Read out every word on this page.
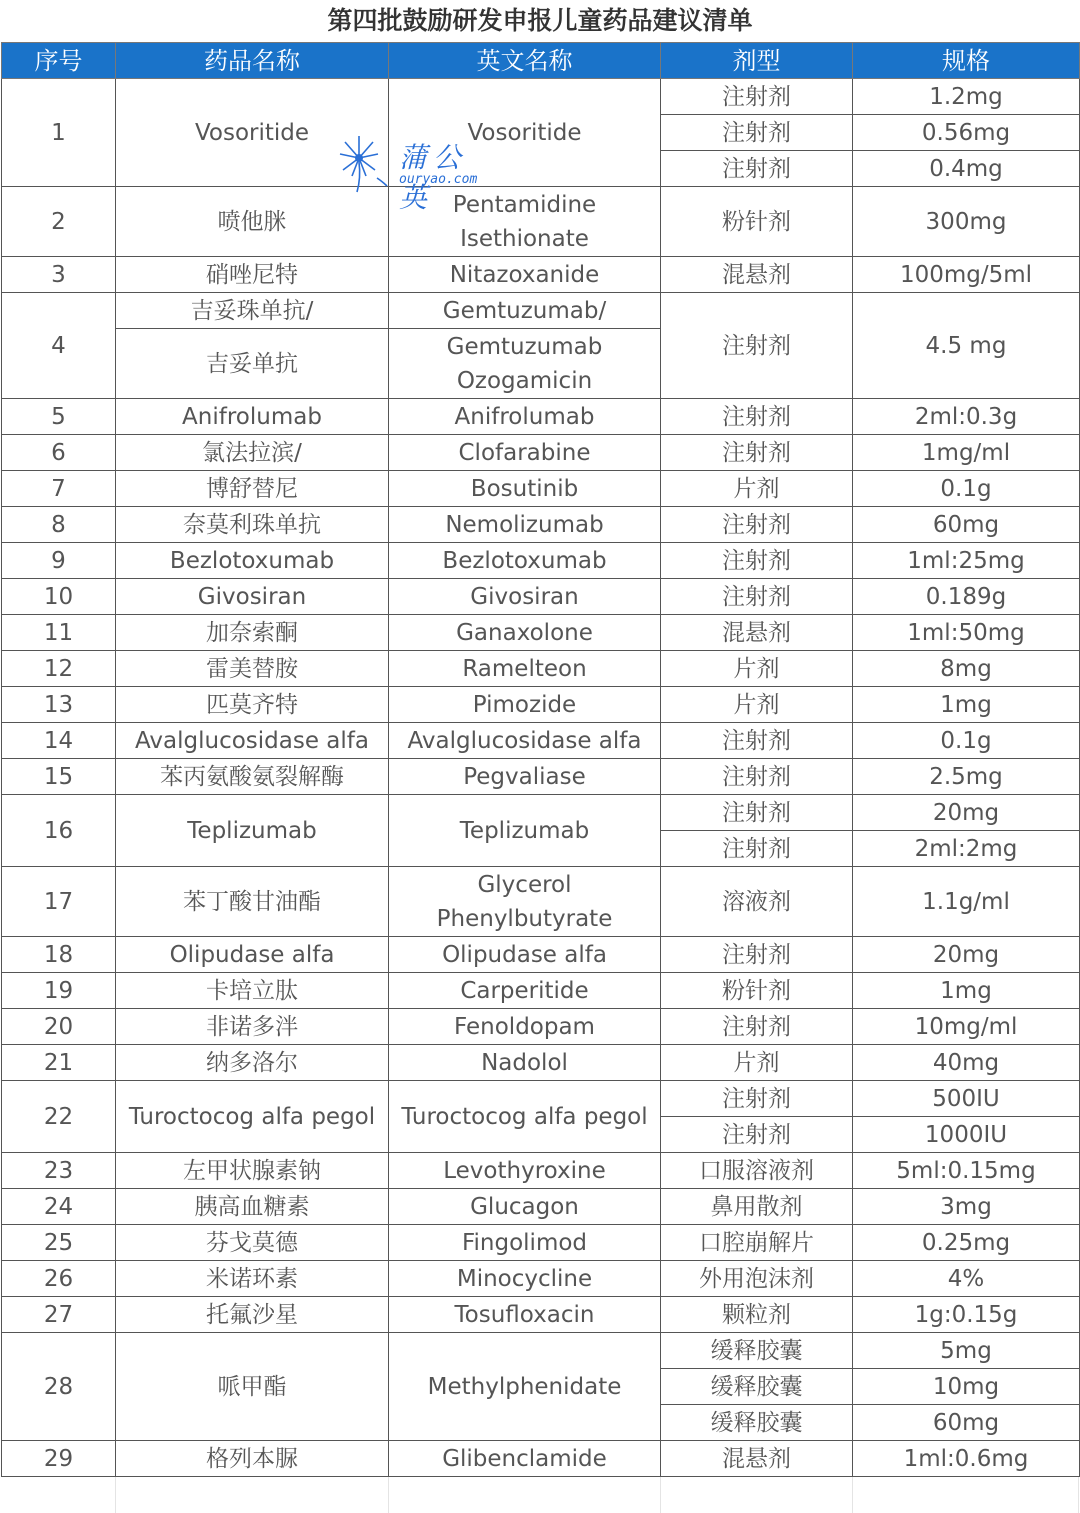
第四批鼓励研发申报儿童药品建议清单
序号	药品名称	英文名称	剂型	规格
1	Vosoritide	Vosoritide	注射剂	1.2mg
			注射剂	0.56mg
			注射剂	0.4mg
2	喷他脒	Pentamidine Isethionate	粉针剂	300mg
3	硝唑尼特	Nitazoxanide	混悬剂	100mg/5ml
4	吉妥珠单抗/	Gemtuzumab/	注射剂	4.5 mg
	吉妥单抗	Gemtuzumab Ozogamicin		
5	Anifrolumab	Anifrolumab	注射剂	2ml:0.3g
6	氯法拉滨/	Clofarabine	注射剂	1mg/ml
7	博舒替尼	Bosutinib	片剂	0.1g
8	奈莫利珠单抗	Nemolizumab	注射剂	60mg
9	Bezlotoxumab	Bezlotoxumab	注射剂	1ml:25mg
10	Givosiran	Givosiran	注射剂	0.189g
11	加奈索酮	Ganaxolone	混悬剂	1ml:50mg
12	雷美替胺	Ramelteon	片剂	8mg
13	匹莫齐特	Pimozide	片剂	1mg
14	Avalglucosidase alfa	Avalglucosidase alfa	注射剂	0.1g
15	苯丙氨酸氨裂解酶	Pegvaliase	注射剂	2.5mg
16	Teplizumab	Teplizumab	注射剂	20mg
			注射剂	2ml:2mg
17	苯丁酸甘油酯	Glycerol Phenylbutyrate	溶液剂	1.1g/ml
18	Olipudase alfa	Olipudase alfa	注射剂	20mg
19	卡培立肽	Carperitide	粉针剂	1mg
20	非诺多泮	Fenoldopam	注射剂	10mg/ml
21	纳多洛尔	Nadolol	片剂	40mg
22	Turoctocog alfa pegol	Turoctocog alfa pegol	注射剂	500IU
			注射剂	1000IU
23	左甲状腺素钠	Levothyroxine	口服溶液剂	5ml:0.15mg
24	胰高血糖素	Glucagon	鼻用散剂	3mg
25	芬戈莫德	Fingolimod	口腔崩解片	0.25mg
26	米诺环素	Minocycline	外用泡沫剂	4%
27	托氟沙星	Tosufloxacin	颗粒剂	1g:0.15g
28	哌甲酯	Methylphenidate	缓释胶囊	5mg
			缓释胶囊	10mg
			缓释胶囊	60mg
29	格列本脲	Glibenclamide	混悬剂	1ml:0.6mg
蒲公英
ouryao.com
